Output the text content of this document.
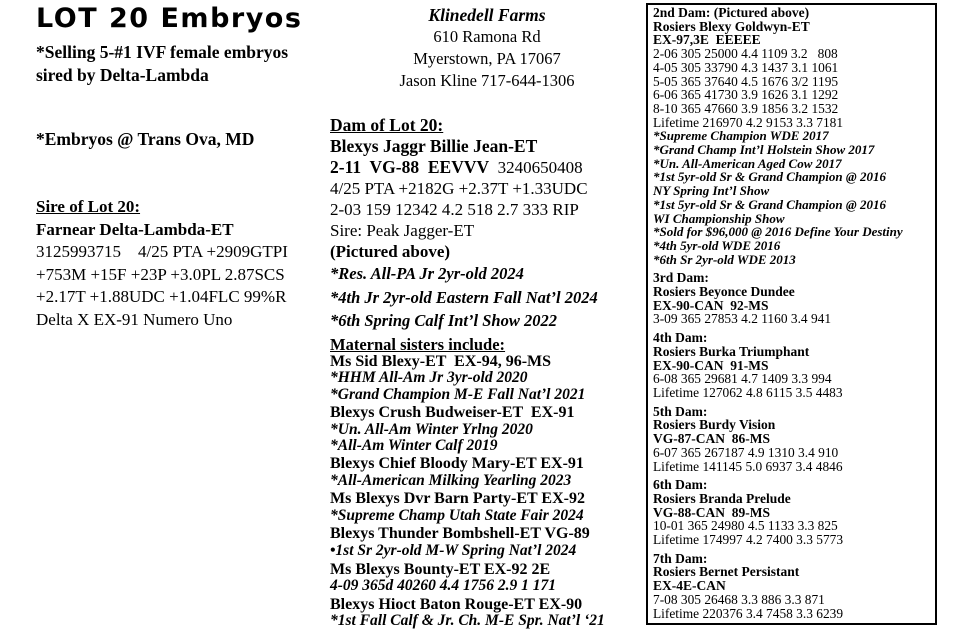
LOT 20 Embryos
*Selling 5-#1 IVF female embryos
sired by Delta-Lambda
*Embryos @ Trans Ova, MD
Sire of Lot 20:
Farnear Delta-Lambda-ET
3125993715    4/25 PTA +2909GTPI
+753M +15F +23P +3.0PL 2.87SCS
+2.17T +1.88UDC +1.04FLC 99%R
Delta X EX-91 Numero Uno
Klinedell Farms
610 Ramona Rd
Myerstown, PA 17067
Jason Kline 717-644-1306
Dam of Lot 20:
Blexys Jaggr Billie Jean-ET
2-11  VG-88  EEVVV  3240650408
4/25 PTA +2182G +2.37T +1.33UDC
2-03 159 12342 4.2 518 2.7 333 RIP
Sire: Peak Jagger-ET
(Pictured above)
*Res. All-PA Jr 2yr-old 2024
*4th Jr 2yr-old Eastern Fall Nat’l 2024
*6th Spring Calf Int’l Show 2022
Maternal sisters include:
Ms Sid Blexy-ET  EX-94, 96-MS
*HHM All-Am Jr 3yr-old 2020
*Grand Champion M-E Fall Nat’l 2021
Blexys Crush Budweiser-ET  EX-91
*Un. All-Am Winter Yrlng 2020
*All-Am Winter Calf 2019
Blexys Chief Bloody Mary-ET EX-91
*All-American Milking Yearling 2023
Ms Blexys Dvr Barn Party-ET EX-92
*Supreme Champ Utah State Fair 2024
Blexys Thunder Bombshell-ET VG-89
•1st Sr 2yr-old M-W Spring Nat’l 2024
Ms Blexys Bounty-ET EX-92 2E
4-09 365d 40260 4.4 1756 2.9 1 171
Blexys Hioct Baton Rouge-ET EX-90
*1st Fall Calf & Jr. Ch. M-E Spr. Nat’l ‘21
2nd Dam: (Pictured above)
Rosiers Blexy Goldwyn-ET
EX-97,3E  EEEEE
2-06 305 25000 4.4 1109 3.2   808
4-05 305 33790 4.3 1437 3.1 1061
5-05 365 37640 4.5 1676 3/2 1195
6-06 365 41730 3.9 1626 3.1 1292
8-10 365 47660 3.9 1856 3.2 1532
Lifetime 216970 4.2 9153 3.3 7181
*Supreme Champion WDE 2017
*Grand Champ Int’l Holstein Show 2017
*Un. All-American Aged Cow 2017
*1st 5yr-old Sr & Grand Champion @ 2016
NY Spring Int’l Show
*1st 5yr-old Sr & Grand Champion @ 2016
WI Championship Show
*Sold for $96,000 @ 2016 Define Your Destiny
*4th 5yr-old WDE 2016
*6th Sr 2yr-old WDE 2013
3rd Dam:
Rosiers Beyonce Dundee
EX-90-CAN  92-MS
3-09 365 27853 4.2 1160 3.4 941
4th Dam:
Rosiers Burka Triumphant
EX-90-CAN  91-MS
6-08 365 29681 4.7 1409 3.3 994
Lifetime 127062 4.8 6115 3.5 4483
5th Dam:
Rosiers Burdy Vision
VG-87-CAN  86-MS
6-07 365 267187 4.9 1310 3.4 910
Lifetime 141145 5.0 6937 3.4 4846
6th Dam:
Rosiers Branda Prelude
VG-88-CAN  89-MS
10-01 365 24980 4.5 1133 3.3 825
Lifetime 174997 4.2 7400 3.3 5773
7th Dam:
Rosiers Bernet Persistant
EX-4E-CAN
7-08 305 26468 3.3 886 3.3 871
Lifetime 220376 3.4 7458 3.3 6239
